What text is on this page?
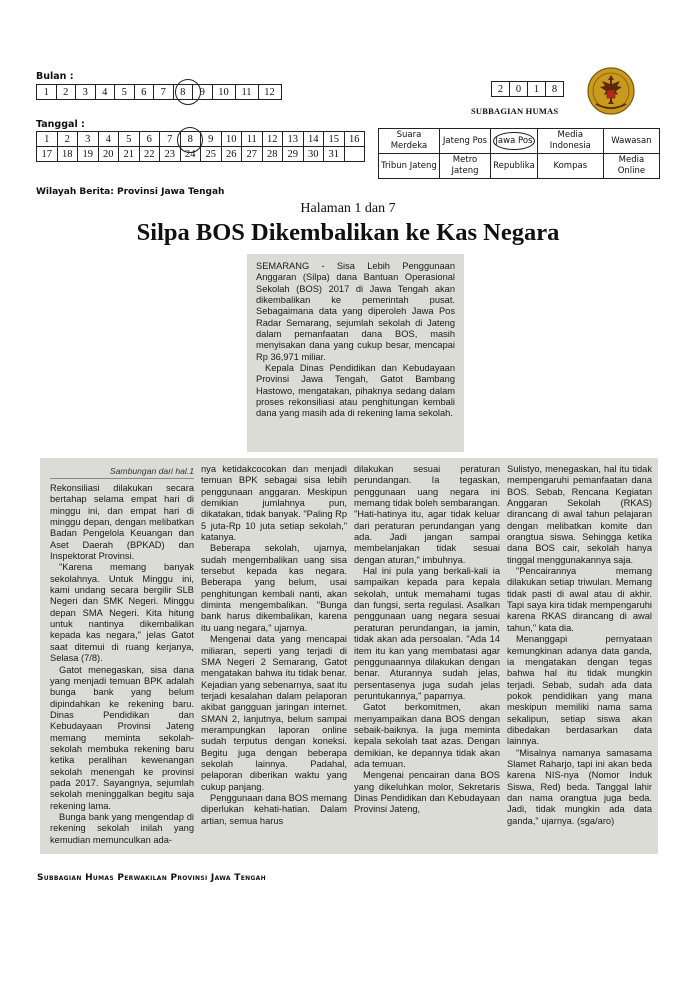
Bulan :
1	2	3	4	5	6	7	8	9	10	11	12
Tanggal :
1	2	3	4	5	6	7	8	9	10	11	12	13	14	15	16
17	18	19	20	21	22	23	24	25	26	27	28	29	30	31	
Wilayah Berita: Provinsi Jawa Tengah
2	0	1	8
SUBBAGIAN HUMAS
Suara Merdeka	Jateng Pos	Jawa Pos	Media Indonesia	Wawasan
Tribun Jateng	Metro Jateng	Republika	Kompas	Media Online
Halaman 1 dan 7
Silpa BOS Dikembalikan ke Kas Negara

SEMARANG - Sisa Lebih Penggunaan Anggaran (Silpa) dana Bantuan Operasional Sekolah (BOS) 2017 di Jawa Tengah akan dikembalikan ke pemerintah pusat. Sebagaimana data yang diperoleh Jawa Pos Radar Semarang, sejumlah sekolah di Jateng dalam pemanfaatan dana BOS, masih menyisakan dana yang cukup besar, mencapai Rp 36,971 miliar.

Kepala Dinas Pendidikan dan Kebudayaan Provinsi Jawa Tengah, Gatot Bambang Hastowo, mengatakan, pihaknya sedang dalam proses rekonsiliasi atau penghitungan kembali dana yang masih ada di rekening lama sekolah.

Sambungan dari hal.1

Rekonsiliasi dilakukan secara bertahap selama empat hari di minggu ini, dan empat hari di minggu depan, dengan melibatkan Badan Pengelola Keuangan dan Aset Daerah (BPKAD) dan Inspektorat Provinsi.

"Karena memang banyak sekolahnya. Untuk Minggu ini, kami undang secara bergilir SLB Negeri dan SMK Negeri. Minggu depan SMA Negeri. Kita hitung untuk nantinya dikembalikan kepada kas negara," jelas Gatot saat ditemui di ruang kerjanya, Selasa (7/8).

Gatot menegaskan, sisa dana yang menjadi temuan BPK adalah bunga bank yang belum dipindahkan ke rekening baru. Dinas Pendidikan dan Kebudayaan Provinsi Jateng memang meminta sekolah-sekolah membuka rekening baru ketika peralihan kewenangan sekolah menengah ke provinsi pada 2017. Sayangnya, sejumlah sekolah meninggalkan begitu saja rekening lama.

Bunga bank yang mengendap di rekening sekolah inilah yang kemudian memunculkan ada-

nya ketidakcocokan dan menjadi temuan BPK sebagai sisa lebih penggunaan anggaran. Meskipun demikian jumlahnya pun, dikatakan, tidak banyak. "Paling Rp 5 juta-Rp 10 juta setiap sekolah," katanya.

Beberapa sekolah, ujarnya, sudah mengembalikan uang sisa tersebut kepada kas negara. Beberapa yang belum, usai penghitungan kembali nanti, akan diminta mengembalikan. "Bunga bank harus dikembalikan, karena itu uang negara," ujarnya.

Mengenai data yang mencapai miliaran, seperti yang terjadi di SMA Negeri 2 Semarang, Gatot mengatakan bahwa itu tidak benar. Kejadian yang sebenarnya, saat itu terjadi kesalahan dalam pelaporan akibat gangguan jaringan internet. SMAN 2, lanjutnya, belum sampai merampungkan laporan online sudah terputus dengan koneksi. Begitu juga dengan beberapa sekolah lainnya. Padahal, pelaporan diberikan waktu yang cukup panjang.

Penggunaan dana BOS memang diperlukan kehati-hatian. Dalam artian, semua harus

dilakukan sesuai peraturan perundangan. Ia tegaskan, penggunaan uang negara ini memang tidak boleh sembarangan. "Hati-hatinya itu, agar tidak keluar dari peraturan perundangan yang ada. Jadi jangan sampai membelanjakan tidak sesuai dengan aturan," imbuhnya.

Hal ini pula yang berkali-kali ia sampaikan kepada para kepala sekolah, untuk memahami tugas dan fungsi, serta regulasi. Asalkan penggunaan uang negara sesuai peraturan perundangan, ia jamin, tidak akan ada persoalan. "Ada 14 item itu kan yang membatasi agar penggunaannya dilakukan dengan benar. Aturannya sudah jelas, persentasenya juga sudah jelas peruntukannya," paparnya.

Gatot berkomitmen, akan menyampaikan dana BOS dengan sebaik-baiknya. Ia juga meminta kepala sekolah taat azas. Dengan demikian, ke depannya tidak akan ada temuan.

Mengenai pencairan dana BOS yang dikeluhkan molor, Sekretaris Dinas Pendidikan dan Kebudayaan Provinsi Jateng,

Sulistyo, menegaskan, hal itu tidak mempengaruhi pemanfaatan dana BOS. Sebab, Rencana Kegiatan Anggaran Sekolah (RKAS) dirancang di awal tahun pelajaran dengan melibatkan komite dan orangtua siswa. Sehingga ketika dana BOS cair, sekolah hanya tinggal menggunakannya saja.

"Pencairannya memang dilakukan setiap triwulan. Memang tidak pasti di awal atau di akhir. Tapi saya kira tidak mempengaruhi karena RKAS dirancang di awal tahun," kata dia.

Menanggapi pernyataan kemungkinan adanya data ganda, ia mengatakan dengan tegas bahwa hal itu tidak mungkin terjadi. Sebab, sudah ada data pokok pendidikan yang mana meskipun memiliki nama sama sekalipun, setiap siswa akan dibedakan berdasarkan data lainnya.

"Misalnya namanya samasama Slamet Raharjo, tapi ini akan beda karena NIS-nya (Nomor Induk Siswa, Red) beda. Tanggal lahir dan nama orangtua juga beda. Jadi, tidak mungkin ada data ganda," ujarnya. (sga/aro)

Subbagian Humas Perwakilan Provinsi Jawa Tengah
